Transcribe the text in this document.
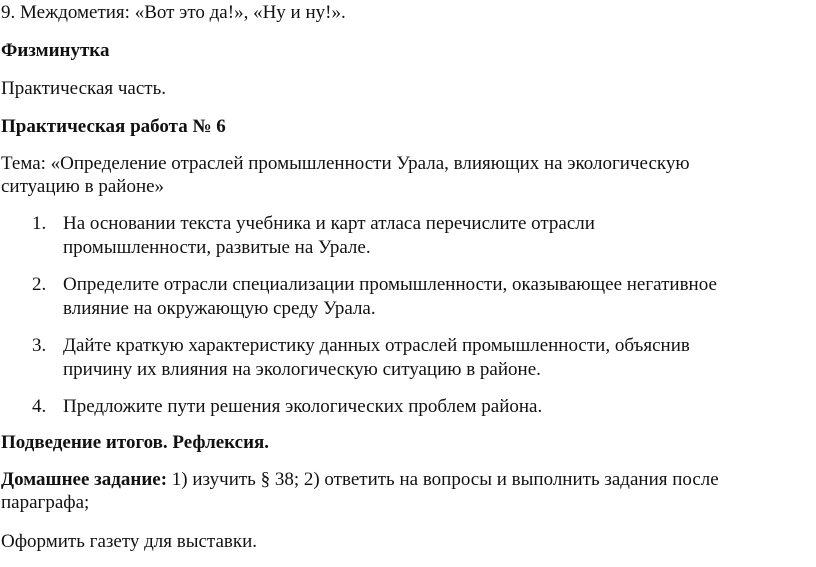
9. Междометия: «Вот это да!», «Ну и ну!».
Физминутка
Практическая часть.
Практическая работа № 6
Тема: «Определение отраслей промышленности Урала, влияющих на экологическую
ситуацию в районе»
1. На основании текста учебника и карт атласа перечислите отрасли
промышленности, развитые на Урале.
2. Определите отрасли специализации промышленности, оказывающее негативное
влияние на окружающую среду Урала.
3. Дайте краткую характеристику данных отраслей промышленности, объяснив
причину их влияния на экологическую ситуацию в районе.
4. Предложите пути решения экологических проблем района.
Подведение итогов. Рефлексия.
Домашнее задание: 1) изучить § 38; 2) ответить на вопросы и выполнить задания после
параграфа;
Оформить газету для выставки.
